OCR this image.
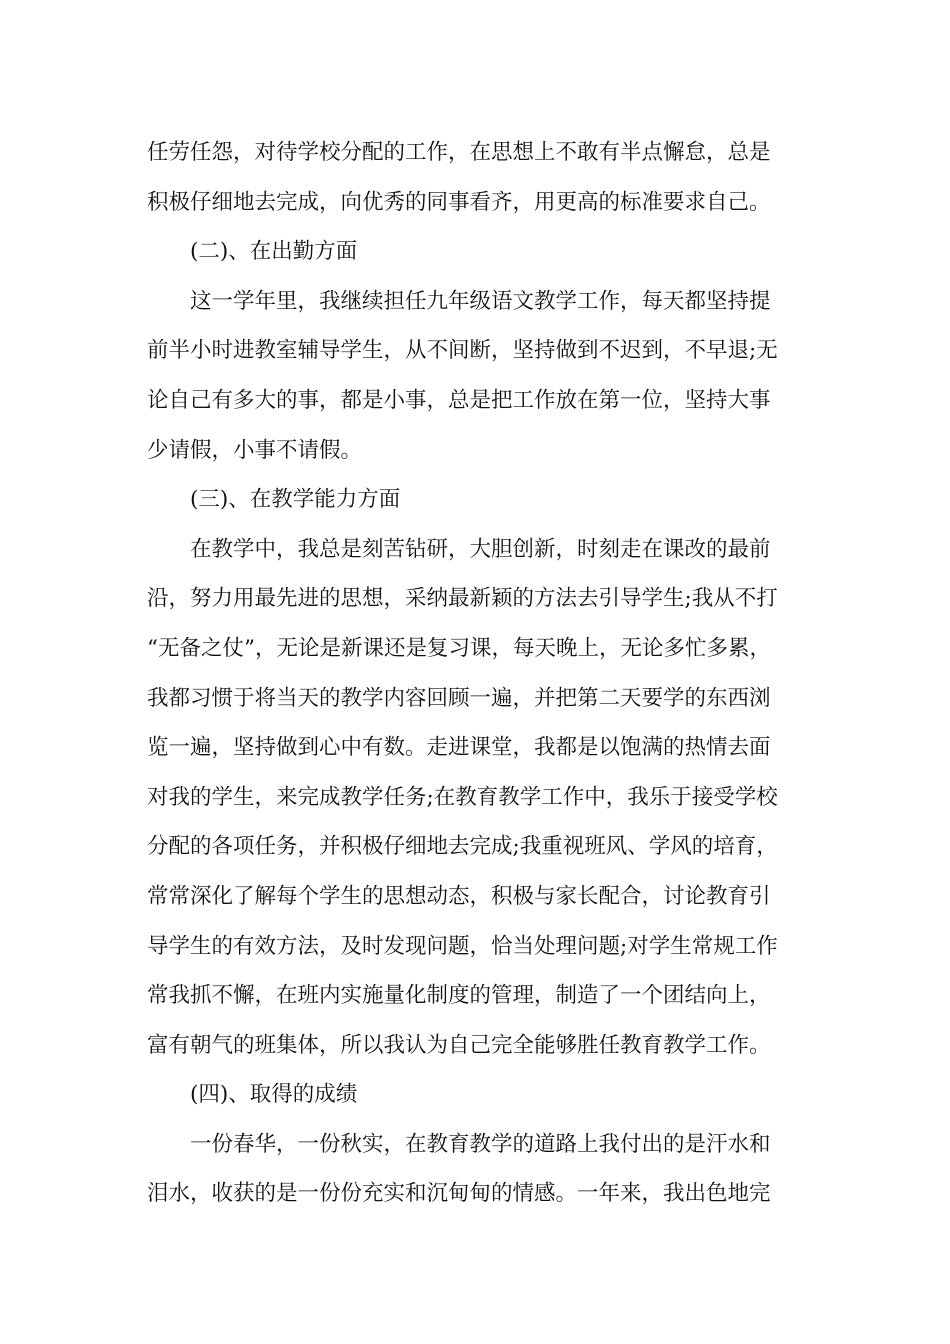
任劳任怨，对待学校分配的工作，在思想上不敢有半点懈怠，总是
积极仔细地去完成，向优秀的同事看齐，用更高的标准要求自己。
(二)、在出勤方面
这一学年里，我继续担任九年级语文教学工作，每天都坚持提
前半小时进教室辅导学生，从不间断，坚持做到不迟到，不早退;无
论自己有多大的事，都是小事，总是把工作放在第一位，坚持大事
少请假，小事不请假。
(三)、在教学能力方面
在教学中，我总是刻苦钻研，大胆创新，时刻走在课改的最前
沿，努力用最先进的思想，采纳最新颖的方法去引导学生;我从不打
“无备之仗”，无论是新课还是复习课，每天晚上，无论多忙多累，
我都习惯于将当天的教学内容回顾一遍，并把第二天要学的东西浏
览一遍，坚持做到心中有数。走进课堂，我都是以饱满的热情去面
对我的学生，来完成教学任务;在教育教学工作中，我乐于接受学校
分配的各项任务，并积极仔细地去完成;我重视班风、学风的培育，
常常深化了解每个学生的思想动态，积极与家长配合，讨论教育引
导学生的有效方法，及时发现问题，恰当处理问题;对学生常规工作
常我抓不懈，在班内实施量化制度的管理，制造了一个团结向上，
富有朝气的班集体，所以我认为自己完全能够胜任教育教学工作。
(四)、取得的成绩
一份春华，一份秋实，在教育教学的道路上我付出的是汗水和
泪水，收获的是一份份充实和沉甸甸的情感。一年来，我出色地完
